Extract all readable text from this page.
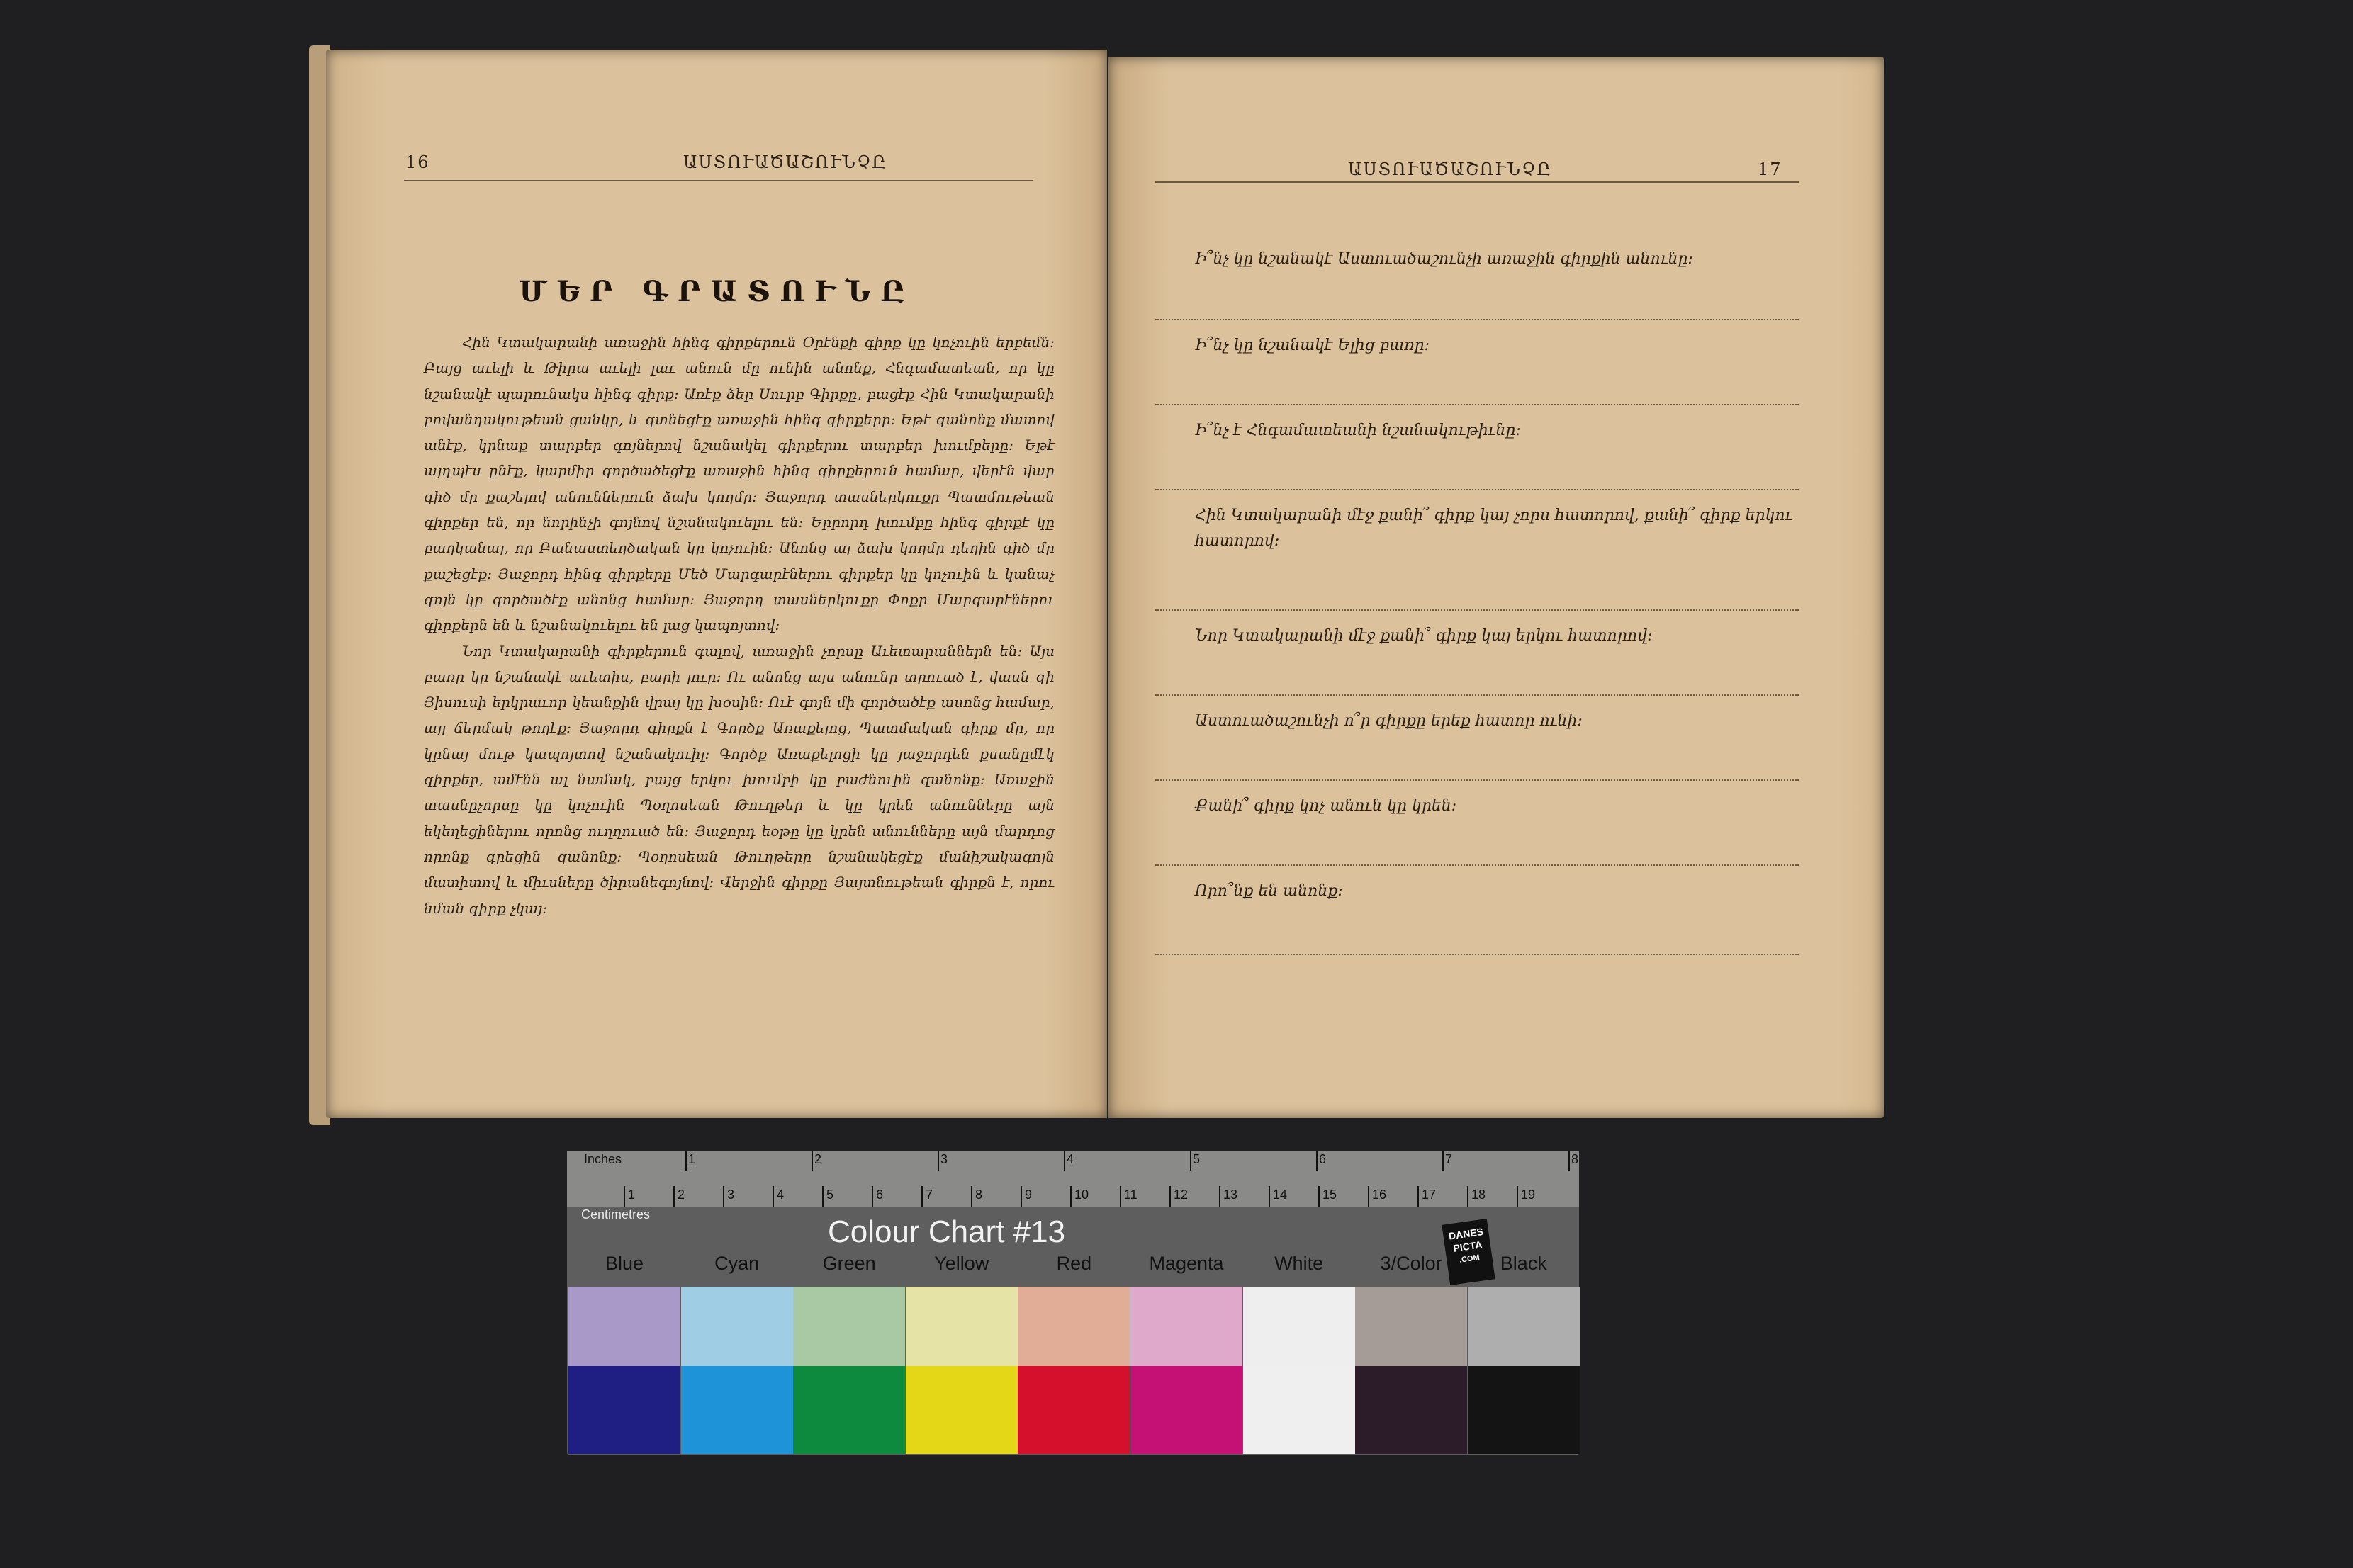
16	ԱՍՏՈՒԱԾԱՇՈՒՆՉԸ
ՄԵՐ ԳՐԱՏՈՒՆԸ

Հին Կտակարանի առաջին հինգ գիրքերուն Օրէնքի գիրք կը կոչուին երբեմն։ Բայց աւելի և Թիրա աւելի լաւ անուն մը ունին անոնք, Հնգամատեան, որ կը նշանակէ պարունակս հինգ գիրք։ Առէք ձեր Սուրբ Գիրքը, բացէք Հին Կտակարանի բովանդակութեան ցանկը, և գտնեցէք առաջին հինգ գիրքերը։ Եթէ զանոնք մատով անէք, կրնաք տարբեր գոյներով նշանակել գիրքերու տարբեր խումբերը։ Եթէ այդպէս ընէք, կարմիր գործածեցէք առաջին հինգ գիրքերուն համար, վերէն վար գիծ մը քաշելով անուններուն ձախ կողմը։ Յաջորդ տասներկուքը Պատմութեան գիրքեր են, որ նորինչի գոյնով նշանակուելու են։ Երրորդ խումբը հինգ գիրքէ կը բաղկանայ, որ Բանաստեղծական կը կոչուին։ Անոնց ալ ձախ կողմը դեղին գիծ մը քաշեցէք։ Յաջորդ հինգ գիրքերը Մեծ Մարգարէներու գիրքեր կը կոչուին և կանաչ գոյն կը գործածէք անոնց համար։ Յաջորդ տասներկուքը Փոքր Մարգարէներու գիրքերն են և նշանակուելու են լաց կապոյտով։

Նոր Կտակարանի գիրքերուն գալով, առաջին չորսը Աւետարաններն են։ Այս բառը կը նշանակէ աւետիս, բարի լուր։ Ու անոնց այս անունը տրուած է, վասն զի Յիսուսի երկրաւոր կեանքին վրայ կը խօսին։ Ուէ գոյն մի գործածէք ասոնց համար, այլ ճերմակ թողէք։ Յաջորդ գիրքն է Գործք Առաքելոց, Պատմական գիրք մը, որ կրնայ մութ կապոյտով նշանակուիլ։ Գործք Առաքելոցի կը յաջորդեն քսանըմէկ գիրքեր, ամէնն ալ նամակ, բայց երկու խումբի կը բաժնուին զանոնք։ Առաջին տասնըչորսը կը կոչուին Պօղոսեան Թուղթեր և կը կրեն անունները այն եկեղեցիներու որոնց ուղղուած են։ Յաջորդ եօթը կը կրեն անունները այն մարդոց որոնք գրեցին զանոնք։ Պօղոսեան Թուղթերը նշանակեցէք մանիշակագոյն մատիտով և միւսները ծիրանեգոյնով։ Վերջին գիրքը Յայտնութեան գիրքն է, որու նման գիրք չկայ։

ԱՍՏՈՒԱԾԱՇՈՒՆՉԸ	17
Ի՞նչ կը նշանակէ Աստուածաշունչի առաջին գիրքին անունը։
Ի՞նչ կը նշանակէ Ելից բառը։
Ի՞նչ է Հնգամատեանի նշանակութիւնը։
Հին Կտակարանի մէջ քանի՞ գիրք կայ չորս հատորով, քանի՞ գիրք երկու հատորով։
Նոր Կտակարանի մէջ քանի՞ գիրք կայ երկու հատորով։
Աստուածաշունչի ո՞ր գիրքը երեք հատոր ունի։
Քանի՞ գիրք կոչ անուն կը կրեն։
Որո՞նք են անոնք։
1	2	3	4	5	6	7	8
1	2	3	4	5	6	7	8	9	10	11	12	13	14	15	16	17	18	19
Inches
Centimetres	Colour Chart #13	DANES
PICTA
.COM
Blue	Cyan	Green	Yellow	Red	Magenta	White	3/Color	Black
